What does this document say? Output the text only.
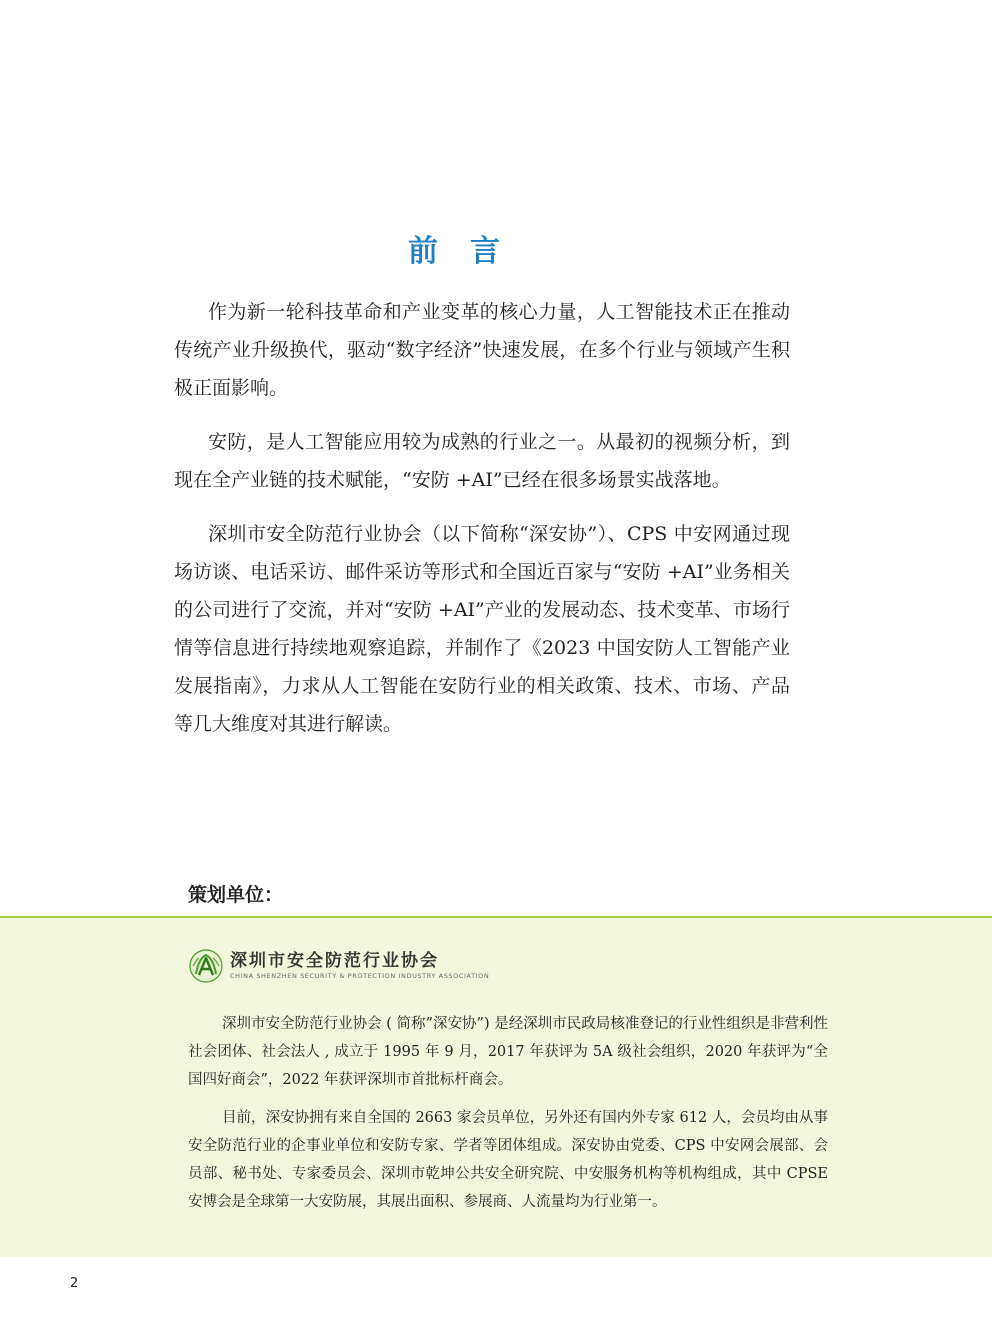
前言

作为新一轮科技革命和产业变革的核心力量，人工智能技术正在推动传统产业升级换代，驱动“数字经济”快速发展，在多个行业与领域产生积极正面影响。

安防，是人工智能应用较为成熟的行业之一。从最初的视频分析，到现在全产业链的技术赋能，“安防 +AI”已经在很多场景实战落地。

深圳市安全防范行业协会（以下简称“深安协”）、CPS 中安网通过现场访谈、电话采访、邮件采访等形式和全国近百家与“安防 +AI”业务相关的公司进行了交流，并对“安防 +AI”产业的发展动态、技术变革、市场行情等信息进行持续地观察追踪，并制作了《2023 中国安防人工智能产业发展指南》，力求从人工智能在安防行业的相关政策、技术、市场、产品等几大维度对其进行解读。

策划单位：
深圳市安全防范行业协会
CHINA SHENZHEN SECURITY & PROTECTION INDUSTRY ASSOCIATION

深圳市安全防范行业协会 ( 简称”深安协”) 是经深圳市民政局核准登记的行业性组织是非营利性社会团体、社会法人 , 成立于 1995 年 9 月，2017 年获评为 5A 级社会组织，2020 年获评为“全国四好商会”，2022 年获评深圳市首批标杆商会。

目前，深安协拥有来自全国的 2663 家会员单位，另外还有国内外专家 612 人，会员均由从事安全防范行业的企事业单位和安防专家、学者等团体组成。深安协由党委、CPS 中安网会展部、会员部、秘书处、专家委员会、深圳市乾坤公共安全研究院、中安服务机构等机构组成，其中 CPSE 安博会是全球第一大安防展，其展出面积、参展商、人流量均为行业第一。

2
